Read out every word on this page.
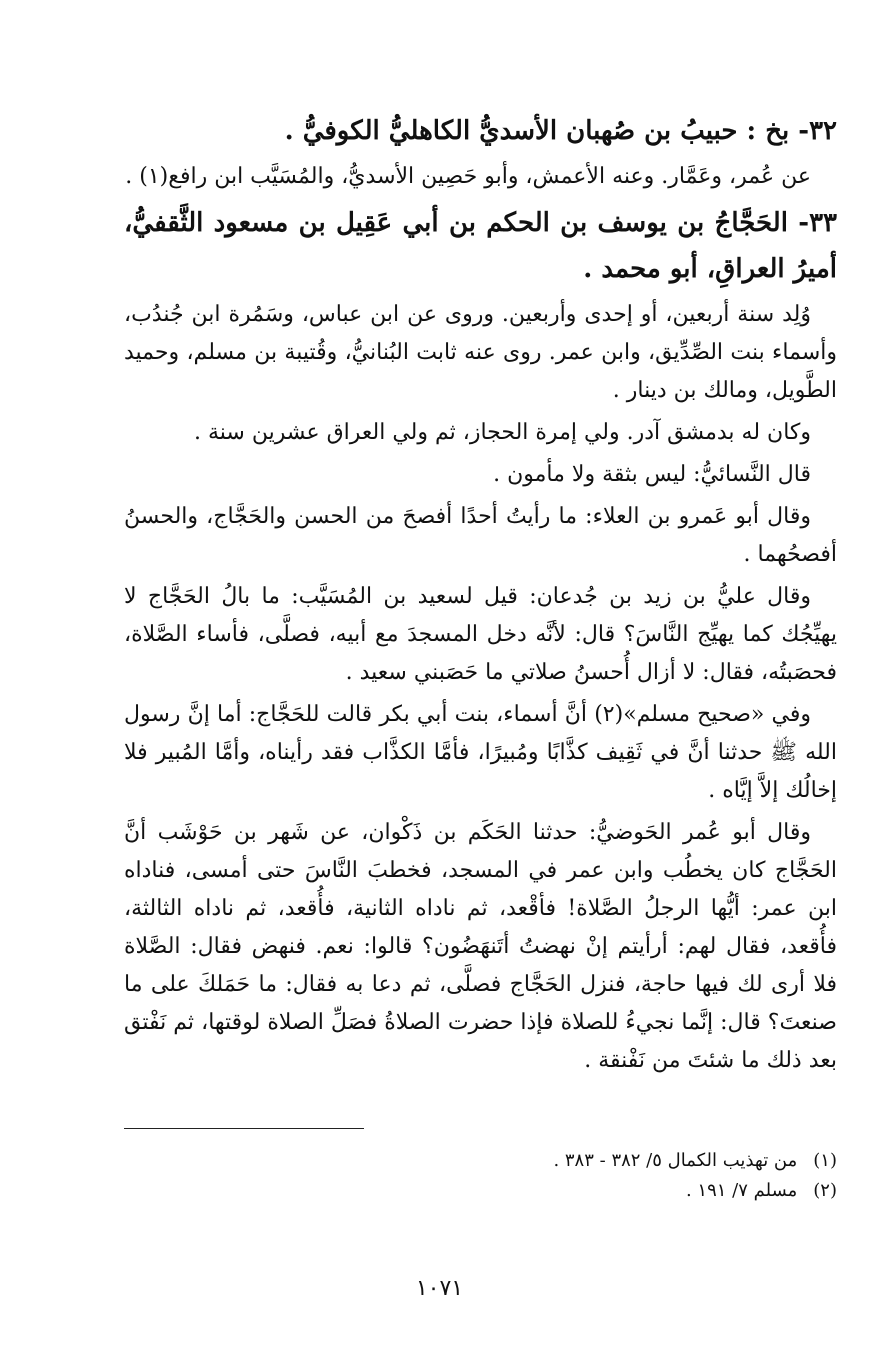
٣٢- بخ : حبيبُ بن صُهبان الأسديُّ الكاهليُّ الكوفيُّ .

عن عُمر، وعَمَّار. وعنه الأعمش، وأبو حَصِين الأسديُّ، والمُسَيَّب ابن رافع(١) .

٣٣- الحَجَّاجُ بن يوسف بن الحكم بن أبي عَقِيل بن مسعود الثَّقفيُّ، أميرُ العراقِ، أبو محمد .

وُلِد سنة أربعين، أو إحدى وأربعين. وروى عن ابن عباس، وسَمُرة ابن جُندُب، وأسماء بنت الصِّدِّيق، وابن عمر. روى عنه ثابت البُنانيُّ، وقُتيبة بن مسلم، وحميد الطَّويل، ومالك بن دينار .

وكان له بدمشق آدر. ولي إمرة الحجاز، ثم ولي العراق عشرين سنة .

قال النَّسائيُّ: ليس بثقة ولا مأمون .

وقال أبو عَمرو بن العلاء: ما رأيتُ أحدًا أفصحَ من الحسن والحَجَّاج، والحسنُ أفصحُهما .

وقال عليُّ بن زيد بن جُدعان: قيل لسعيد بن المُسَيَّب: ما بالُ الحَجَّاج لا يهيِّجُك كما يهيِّج النَّاسَ؟ قال: لأنَّه دخل المسجدَ مع أبيه، فصلَّى، فأساء الصَّلاة، فحصَبتُه، فقال: لا أزال أُحسنُ صلاتي ما حَصَبني سعيد .

وفي «صحيح مسلم»(٢) أنَّ أسماء، بنت أبي بكر قالت للحَجَّاج: أما إنَّ رسول الله ﷺ حدثنا أنَّ في ثَقِيف كذَّابًا ومُبيرًا، فأمَّا الكذَّاب فقد رأيناه، وأمَّا المُبير فلا إخالُك إلاَّ إيَّاه .

وقال أبو عُمر الحَوضيُّ: حدثنا الحَكَم بن ذَكْوان، عن شَهر بن حَوْشَب أنَّ الحَجَّاج كان يخطُب وابن عمر في المسجد، فخطبَ النَّاسَ حتى أمسى، فناداه ابن عمر: أيُّها الرجلُ الصَّلاة! فأقْعد، ثم ناداه الثانية، فأُقعد، ثم ناداه الثالثة، فأُقعد، فقال لهم: أرأيتم إنْ نهضتُ أتَنهَضُون؟ قالوا: نعم. فنهض فقال: الصَّلاة فلا أرى لك فيها حاجة، فنزل الحَجَّاج فصلَّى، ثم دعا به فقال: ما حَمَلكَ على ما صنعتَ؟ قال: إنَّما نجيءُ للصلاة فإذا حضرت الصلاةُ فصَلِّ الصلاة لوقتها، ثم نَفْتق بعد ذلك ما شئتَ من نَفْنقة .

(١) من تهذيب الكمال ٥/ ٣٨٢ - ٣٨٣ .

(٢) مسلم ٧/ ١٩١ .

١٠٧١
